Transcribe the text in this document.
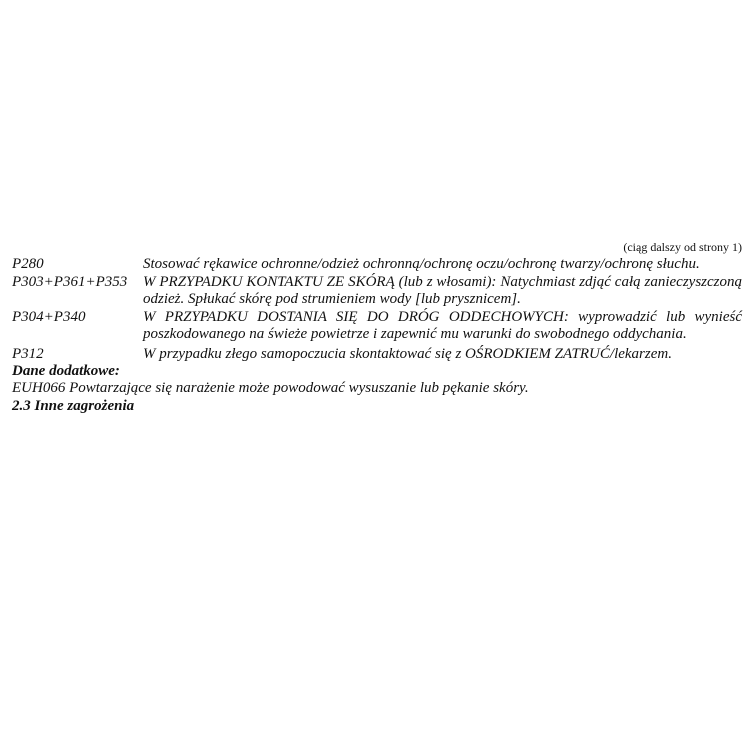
(ciąg dalszy od strony 1)
P280	Stosować rękawice ochronne/odzież ochronną/ochronę oczu/ochronę twarzy/ochronę słuchu.
P303+P361+P353	W PRZYPADKU KONTAKTU ZE SKÓRĄ (lub z włosami): Natychmiast zdjąć całą zanieczyszczoną odzież. Spłukać skórę pod strumieniem wody [lub prysznicem].
P304+P340	W PRZYPADKU DOSTANIA SIĘ DO DRÓG ODDECHOWYCH: wyprowadzić lub wynieść poszkodowanego na świeże powietrze i zapewnić mu warunki do swobodnego oddychania.
P312	W przypadku złego samopoczucia skontaktować się z OŚRODKIEM ZATRUĆ/lekarzem.
Dane dodatkowe:
EUH066 Powtarzające się narażenie może powodować wysuszanie lub pękanie skóry.
2.3 Inne zagrożenia
